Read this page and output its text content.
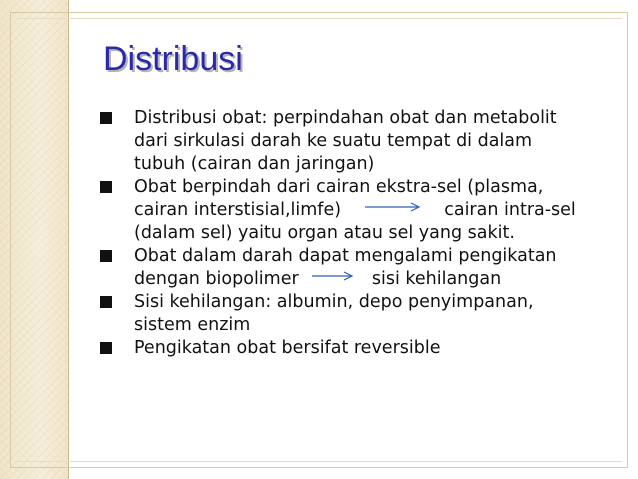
Distribusi
Distribusi obat: perpindahan obat dan metabolit
dari sirkulasi darah ke suatu tempat di dalam
tubuh (cairan dan jaringan)
Obat berpindah dari cairan ekstra-sel (plasma,
cairan interstisial,limfe)	cairan intra-sel
(dalam sel) yaitu organ atau sel yang sakit.
Obat dalam darah dapat mengalami pengikatan
dengan biopolimer	sisi kehilangan
Sisi kehilangan: albumin, depo penyimpanan,
sistem enzim
Pengikatan obat bersifat reversible
